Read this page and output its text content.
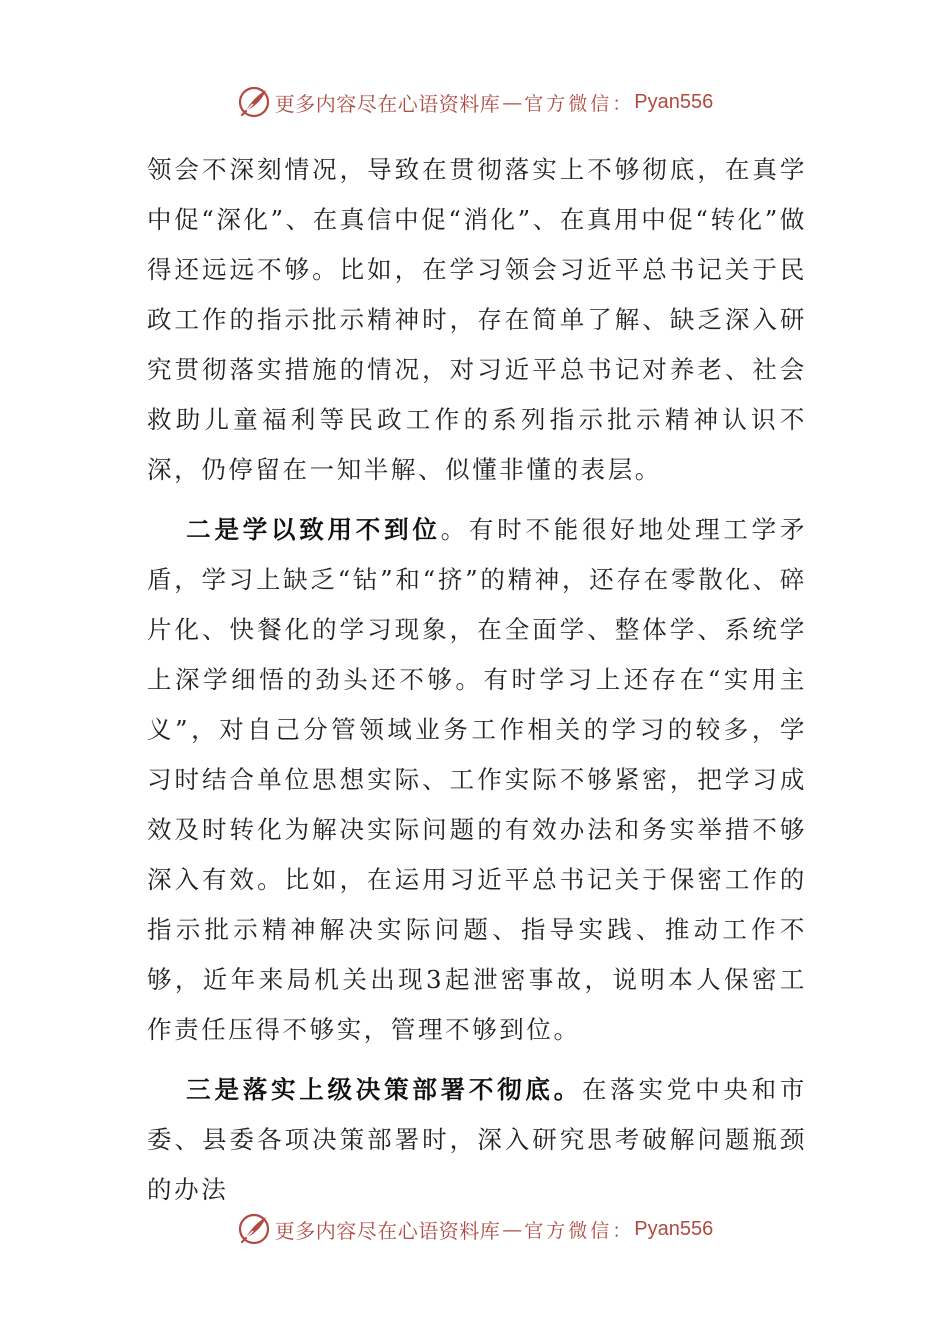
更多内容尽在心语资料库 — 官方微信： Pyan556

领会不深刻情况，导致在贯彻落实上不够彻底，在真学中促“深化”、在真信中促“消化”、在真用中促“转化”做得还远远不够。比如，在学习领会习近平总书记关于民政工作的指示批示精神时，存在简单了解、缺乏深入研究贯彻落实措施的情况，对习近平总书记对养老、社会救助儿童福利等民政工作的系列指示批示精神认识不深，仍停留在一知半解、似懂非懂的表层。

二是学以致用不到位。有时不能很好地处理工学矛盾，学习上缺乏“钻”和“挤”的精神，还存在零散化、碎片化、快餐化的学习现象，在全面学、整体学、系统学上深学细悟的劲头还不够。有时学习上还存在“实用主义”，对自己分管领域业务工作相关的学习的较多，学习时结合单位思想实际、工作实际不够紧密，把学习成效及时转化为解决实际问题的有效办法和务实举措不够深入有效。比如，在运用习近平总书记关于保密工作的指示批示精神解决实际问题、指导实践、推动工作不够，近年来局机关出现3起泄密事故，说明本人保密工作责任压得不够实，管理不够到位。

三是落实上级决策部署不彻底。在落实党中央和市委、县委各项决策部署时，深入研究思考破解问题瓶颈的办法

更多内容尽在心语资料库 — 官方微信： Pyan556
